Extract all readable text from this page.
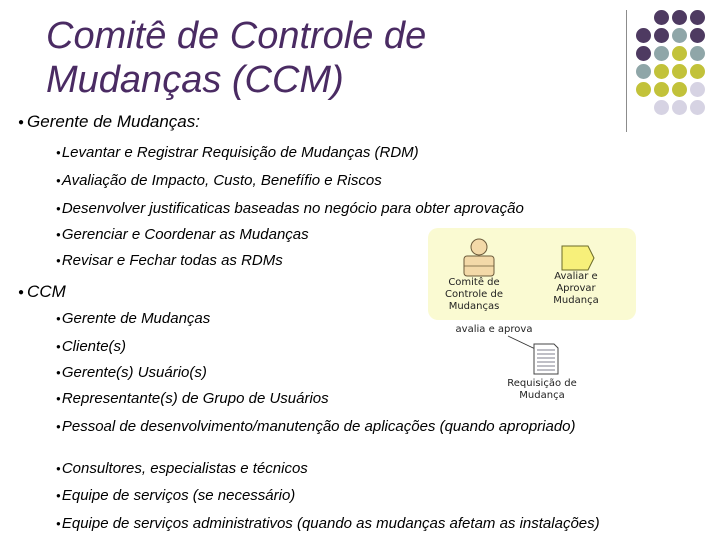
Comitê de Controle de
Mudanças (CCM)
● Gerente de Mudanças:
●Levantar e Registrar Requisição de Mudanças (RDM)
●Avaliação de Impacto, Custo, Benefífio e Riscos
●Desenvolver justificaticas baseadas no negócio para obter aprovação
●Gerenciar e Coordenar as Mudanças
●Revisar e Fechar todas as RDMs
● CCM
●Gerente de Mudanças
●Cliente(s)
●Gerente(s) Usuário(s)
●Representante(s) de Grupo de Usuários
●Pessoal de desenvolvimento/manutenção de aplicações (quando apropriado)
●Consultores, especialistas e técnicos
●Equipe de serviços (se necessário)
●Equipe de serviços administrativos (quando as mudanças afetam as instalações)
Comitê de Controle de Mudanças
Avaliar e Aprovar Mudança
avalia e aprova
Requisição de Mudança
